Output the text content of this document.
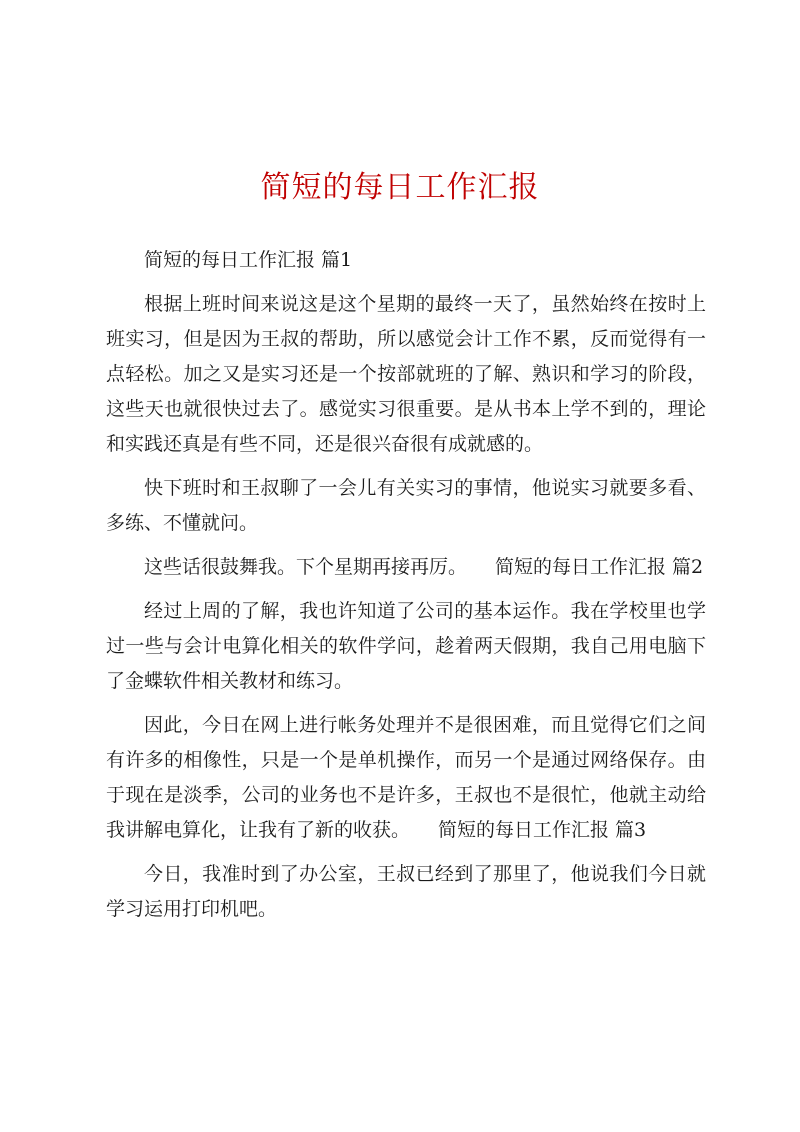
简短的每日工作汇报

简短的每日工作汇报 篇1

根据上班时间来说这是这个星期的最终一天了，虽然始终在按时上班实习，但是因为王叔的帮助，所以感觉会计工作不累，反而觉得有一点轻松。加之又是实习还是一个按部就班的了解、熟识和学习的阶段，这些天也就很快过去了。感觉实习很重要。是从书本上学不到的，理论和实践还真是有些不同，还是很兴奋很有成就感的。

快下班时和王叔聊了一会儿有关实习的事情，他说实习就要多看、多练、不懂就问。

这些话很鼓舞我。下个星期再接再厉。 简短的每日工作汇报 篇2

经过上周的了解，我也许知道了公司的基本运作。我在学校里也学过一些与会计电算化相关的软件学问，趁着两天假期，我自己用电脑下了金蝶软件相关教材和练习。

因此，今日在网上进行帐务处理并不是很困难，而且觉得它们之间有许多的相像性，只是一个是单机操作，而另一个是通过网络保存。由于现在是淡季，公司的业务也不是许多，王叔也不是很忙，他就主动给我讲解电算化，让我有了新的收获。 简短的每日工作汇报 篇3

今日，我准时到了办公室，王叔已经到了那里了，他说我们今日就学习运用打印机吧。
